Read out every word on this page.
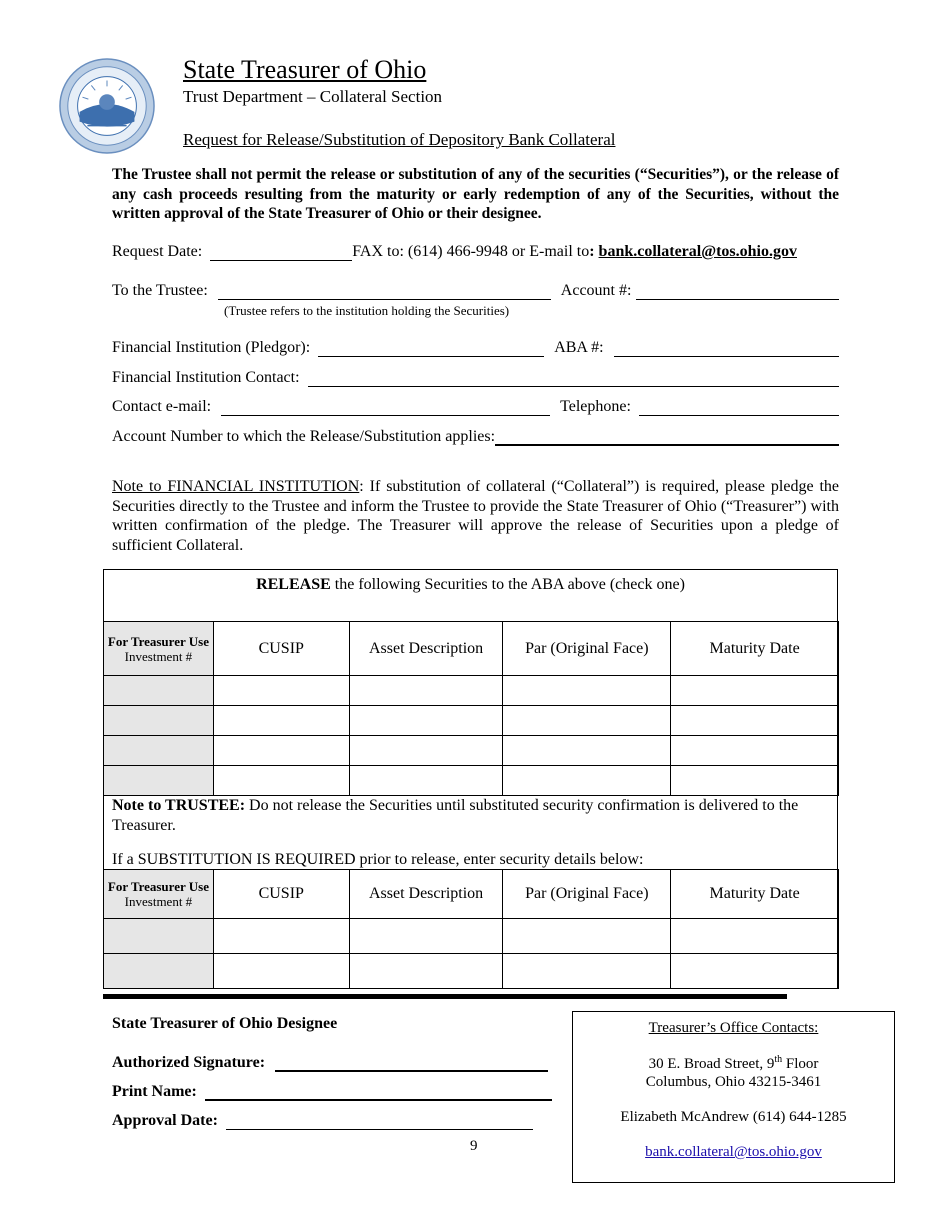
State Treasurer of Ohio
Trust Department – Collateral Section
Request for Release/Substitution of Depository Bank Collateral
The Trustee shall not permit the release or substitution of any of the securities (“Securities”), or the release of any cash proceeds resulting from the maturity or early redemption of any of the Securities, without the written approval of the State Treasurer of Ohio or their designee.
Request Date:	FAX to: (614) 466-9948 or E-mail to : bank.collateral@tos.ohio.gov
To the Trustee:	Account #:
(Trustee refers to the institution holding the Securities)
Financial Institution (Pledgor):	ABA #:
Financial Institution Contact:
Contact e-mail:	Telephone:
Account Number to which the Release/Substitution applies:
Note to FINANCIAL INSTITUTION: If substitution of collateral (“Collateral”) is required, please pledge the Securities directly to the Trustee and inform the Trustee to provide the State Treasurer of Ohio (“Treasurer”) with written confirmation of the pledge. The Treasurer will approve the release of Securities upon a pledge of sufficient Collateral.
RELEASE the following Securities to the ABA above (check one)
For Treasurer Use
Investment #	CUSIP	Asset Description	Par (Original Face)	Maturity Date

Note to TRUSTEE: Do not release the Securities until substituted security confirmation is delivered to the Treasurer.
If a SUBSTITUTION IS REQUIRED prior to release, enter security details below:
For Treasurer Use
Investment #	CUSIP	Asset Description	Par (Original Face)	Maturity Date

State Treasurer of Ohio Designee
Authorized Signature:
Print Name:
Approval Date:
9
Treasurer’s Office Contacts:
30 E. Broad Street, 9th Floor
Columbus, Ohio 43215-3461
Elizabeth McAndrew (614) 644-1285
bank.collateral@tos.ohio.gov
